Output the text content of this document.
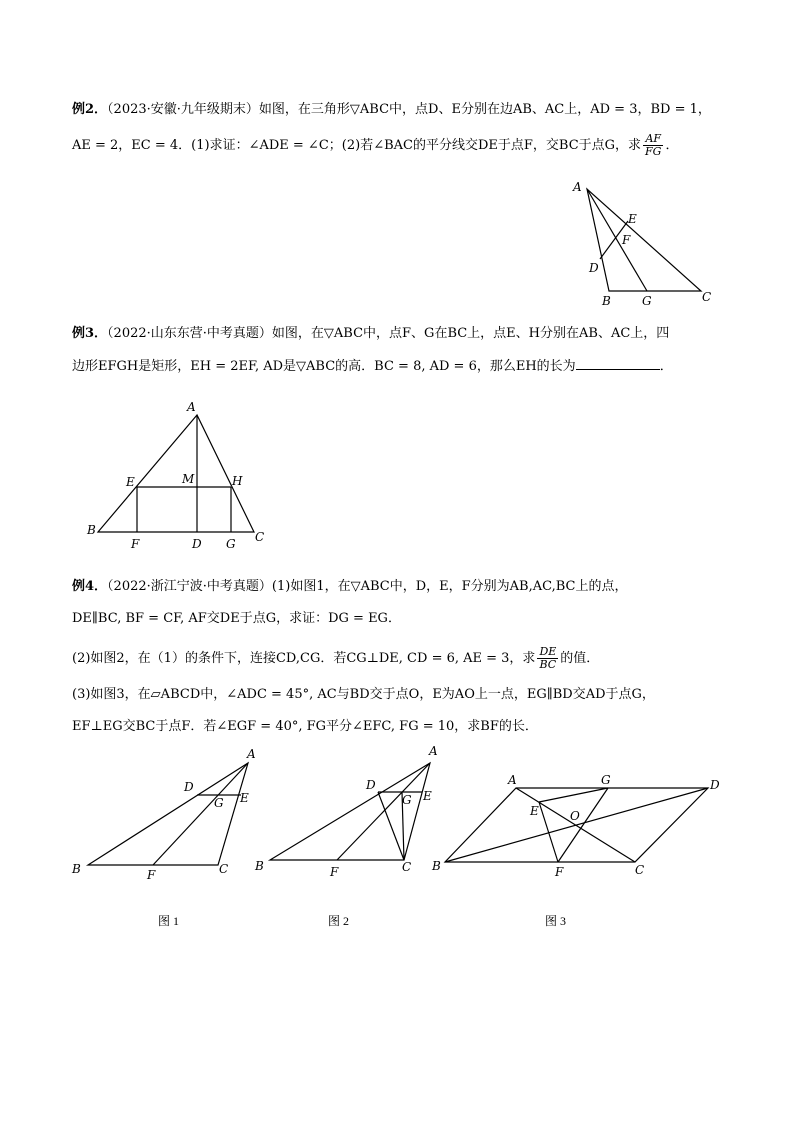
例2．（2023·安徽·九年级期末）如图，在三角形▽ABC中，点D、E分别在边AB、AC上，AD = 3，BD = 1，
AE = 2，EC = 4．(1)求证：∠ADE = ∠C；(2)若∠BAC的平分线交DE于点F，交BC于点G，求 $\frac{AF}{FG}$ ．
A
E
F
D
B	G	C
例3．（2022·山东东营·中考真题）如图，在▽ABC中，点F、G在BC上，点E、H分别在AB、AC上，四
边形EFGH是矩形，EH = 2EF, AD是▽ABC的高．BC = 8, AD = 6，那么EH的长为	．
A
E	M	H
B
F	D G C
例4．（2022·浙江宁波·中考真题）(1)如图1，在▽ABC中，D，E，F分别为AB,AC,BC上的点，
DE∥BC, BF = CF, AF交DE于点G，求证：DG = EG．
(2)如图2，在（1）的条件下，连接CD,CG．若CG⊥DE, CD = 6, AE = 3，求 $\frac{DE}{BC}$ 的值．
(3)如图3，在▱ABCD中，∠ADC = 45°, AC与BD交于点O，E为AO上一点，EG∥BD交AD于点G，
EF⊥EG交BC于点F．若∠EGF = 40°, FG平分∠EFC, FG = 10，求BF的长．
A
D
G E
B	F	C
A
D
G E
B	F	C
A	G	D
E	O
B	F	C
图 1	图 2	图 3
